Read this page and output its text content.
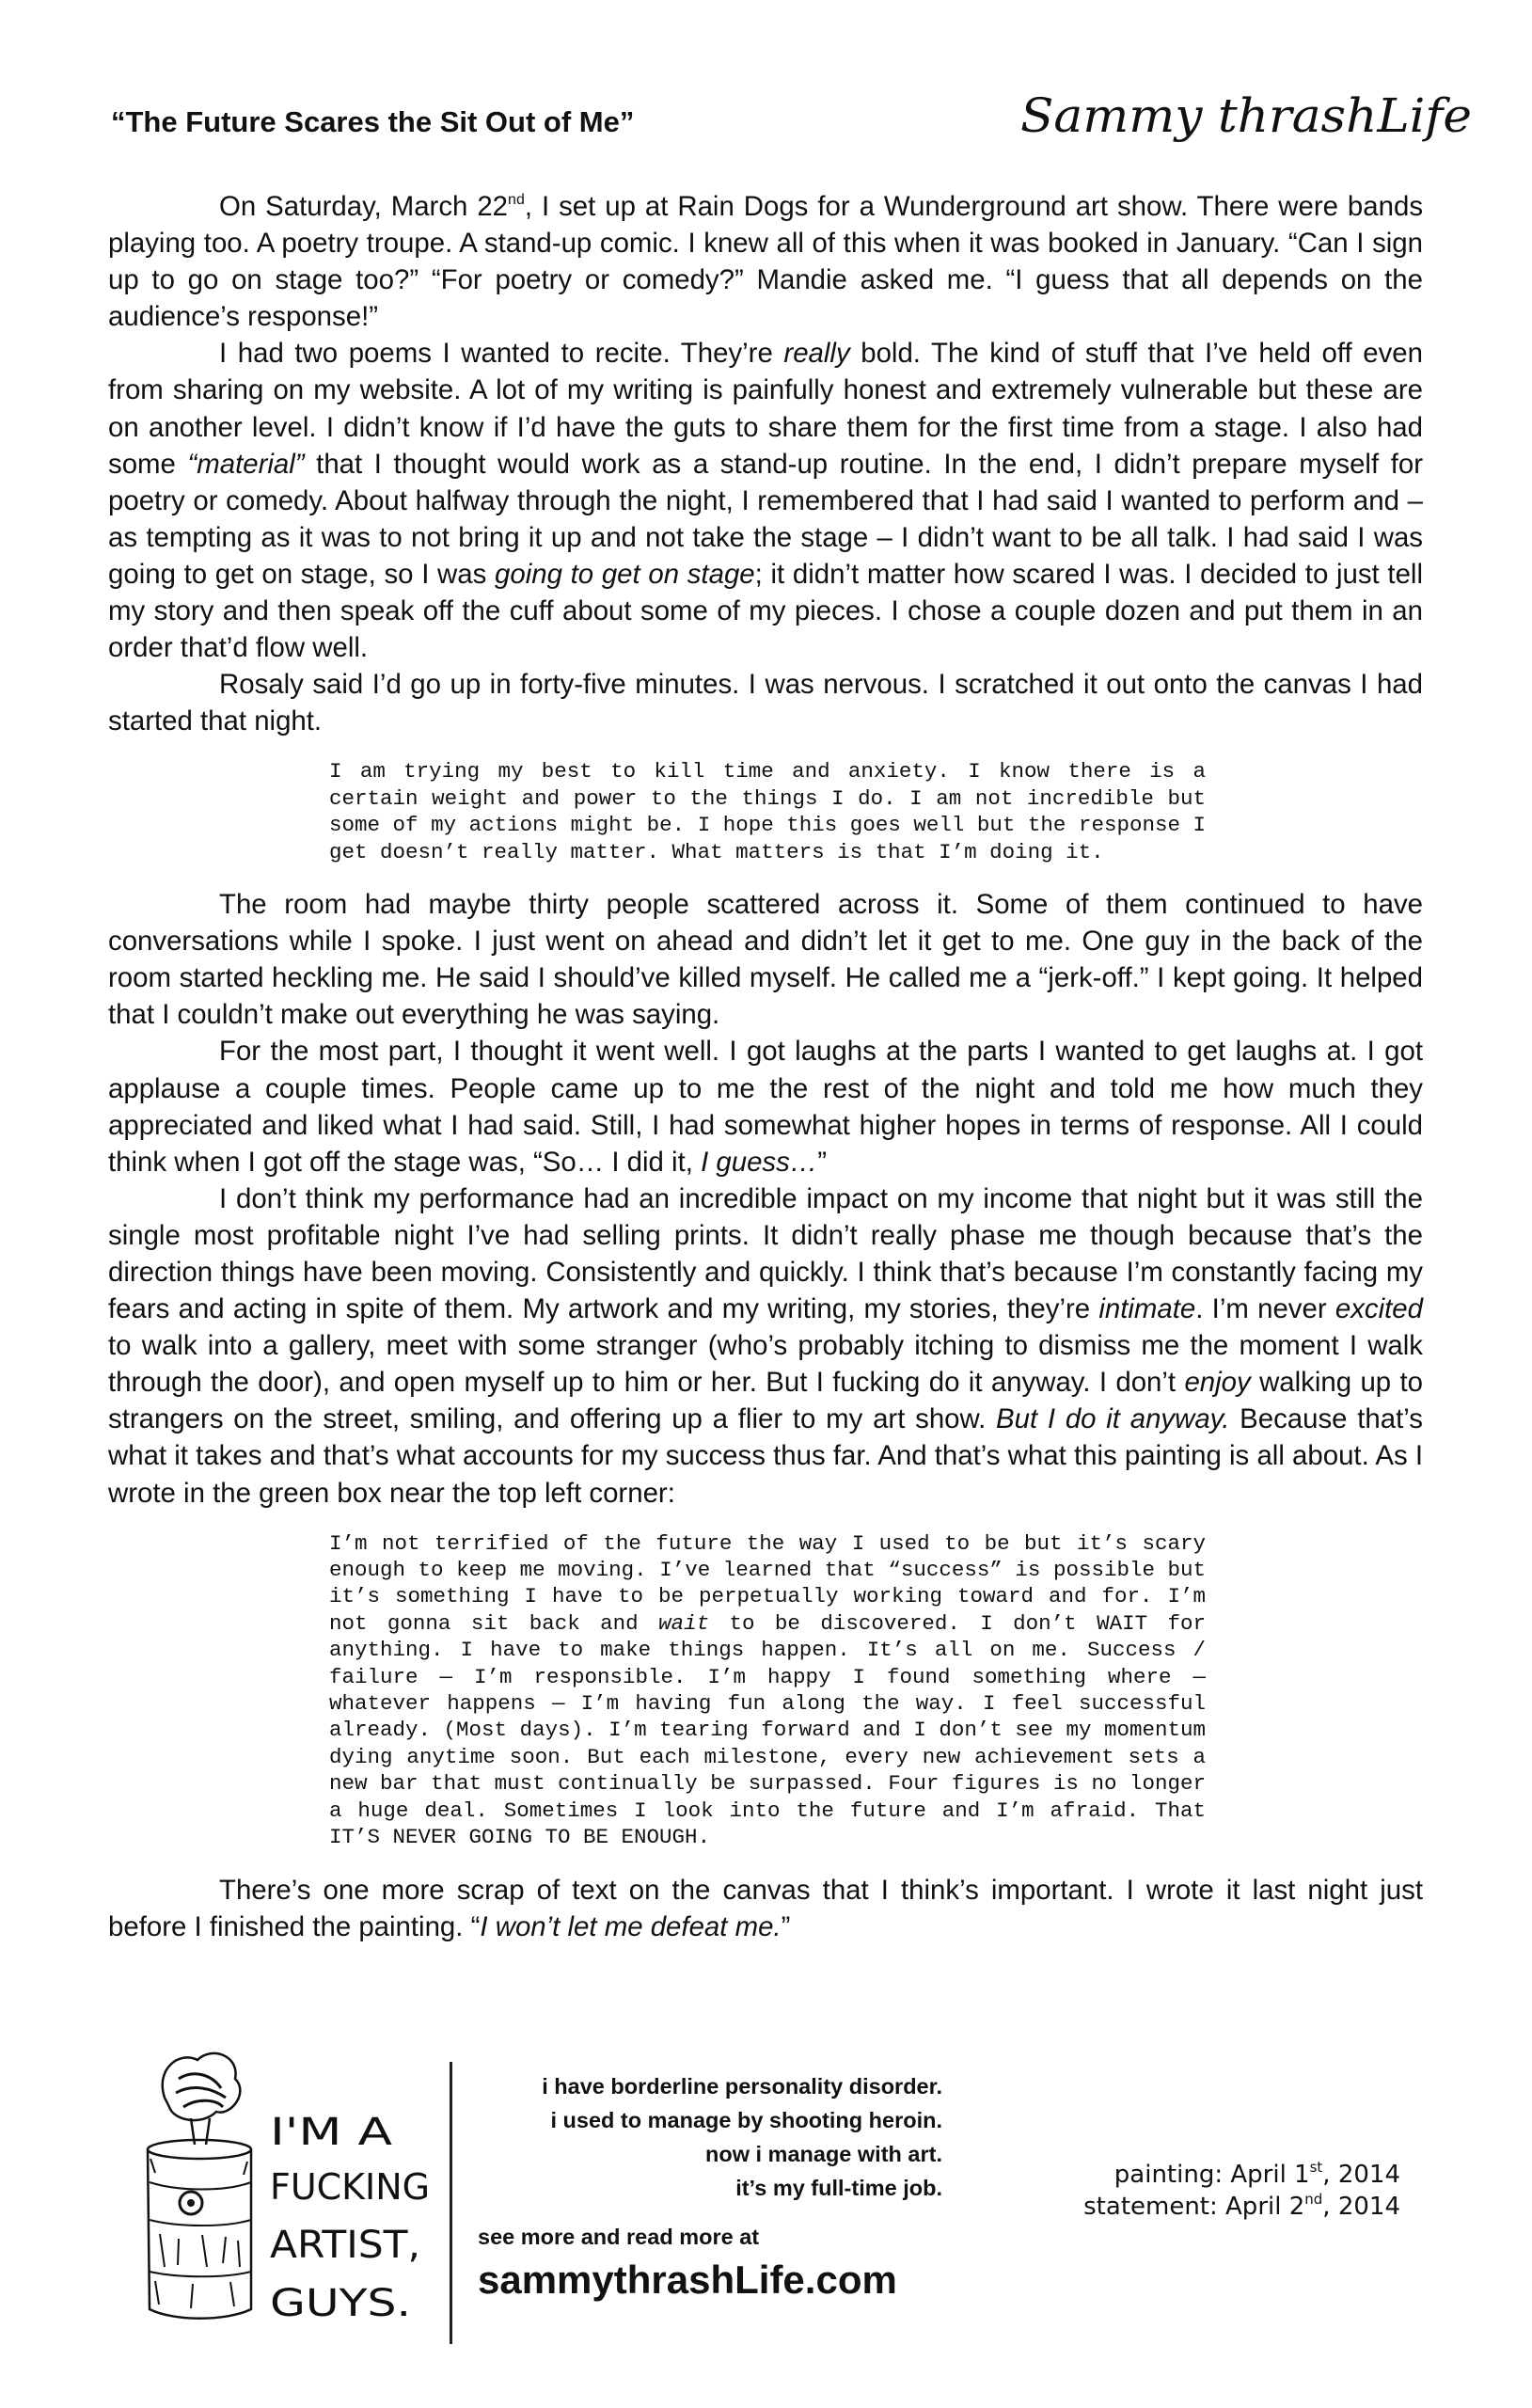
“The Future Scares the Sit Out of Me”	Sammy thrashLife

On Saturday, March 22nd, I set up at Rain Dogs for a Wunderground art show. There were bands playing too. A poetry troupe. A stand-up comic. I knew all of this when it was booked in January. “Can I sign up to go on stage too?” “For poetry or comedy?” Mandie asked me. “I guess that all depends on the audience’s response!”

I had two poems I wanted to recite. They’re really bold. The kind of stuff that I’ve held off even from sharing on my website. A lot of my writing is painfully honest and extremely vulnerable but these are on another level. I didn’t know if I’d have the guts to share them for the first time from a stage. I also had some “material” that I thought would work as a stand-up routine. In the end, I didn’t prepare myself for poetry or comedy. About halfway through the night, I remembered that I had said I wanted to perform and – as tempting as it was to not bring it up and not take the stage – I didn’t want to be all talk. I had said I was going to get on stage, so I was going to get on stage; it didn’t matter how scared I was. I decided to just tell my story and then speak off the cuff about some of my pieces. I chose a couple dozen and put them in an order that’d flow well.

Rosaly said I’d go up in forty-five minutes. I was nervous. I scratched it out onto the canvas I had started that night.

I am trying my best to kill time and anxiety. I know there is a certain weight and power to the things I do. I am not incredible but some of my actions might be. I hope this goes well but the response I get doesn’t really matter. What matters is that I’m doing it.

The room had maybe thirty people scattered across it. Some of them continued to have conversations while I spoke. I just went on ahead and didn’t let it get to me. One guy in the back of the room started heckling me. He said I should’ve killed myself. He called me a “jerk-off.” I kept going. It helped that I couldn’t make out everything he was saying.

For the most part, I thought it went well. I got laughs at the parts I wanted to get laughs at. I got applause a couple times. People came up to me the rest of the night and told me how much they appreciated and liked what I had said. Still, I had somewhat higher hopes in terms of response. All I could think when I got off the stage was, “So… I did it, I guess…”

I don’t think my performance had an incredible impact on my income that night but it was still the single most profitable night I’ve had selling prints. It didn’t really phase me though because that’s the direction things have been moving. Consistently and quickly. I think that’s because I’m constantly facing my fears and acting in spite of them. My artwork and my writing, my stories, they’re intimate. I’m never excited to walk into a gallery, meet with some stranger (who’s probably itching to dismiss me the moment I walk through the door), and open myself up to him or her. But I fucking do it anyway. I don’t enjoy walking up to strangers on the street, smiling, and offering up a flier to my art show. But I do it anyway. Because that’s what it takes and that’s what accounts for my success thus far. And that’s what this painting is all about. As I wrote in the green box near the top left corner:

I’m not terrified of the future the way I used to be but it’s scary enough to keep me moving. I’ve learned that “success” is possible but it’s something I have to be perpetually working toward and for. I’m not gonna sit back and wait to be discovered. I don’t WAIT for anything. I have to make things happen. It’s all on me. Success / failure — I’m responsible. I’m happy I found something where — whatever happens — I’m having fun along the way. I feel successful already. (Most days). I’m tearing forward and I don’t see my momentum dying anytime soon. But each milestone, every new achievement sets a new bar that must continually be surpassed. Four figures is no longer a huge deal. Sometimes I look into the future and I’m afraid. That IT’S NEVER GOING TO BE ENOUGH.

There’s one more scrap of text on the canvas that I think’s important. I wrote it last night just before I finished the painting. “I won’t let me defeat me.”

I'M A
FUCKING
ARTIST,
GUYS.
i have borderline personality disorder.
i used to manage by shooting heroin.
now i manage with art.
it’s my full-time job.
see more and read more at
sammythrashLife.com
painting: April 1st, 2014
statement: April 2nd, 2014
